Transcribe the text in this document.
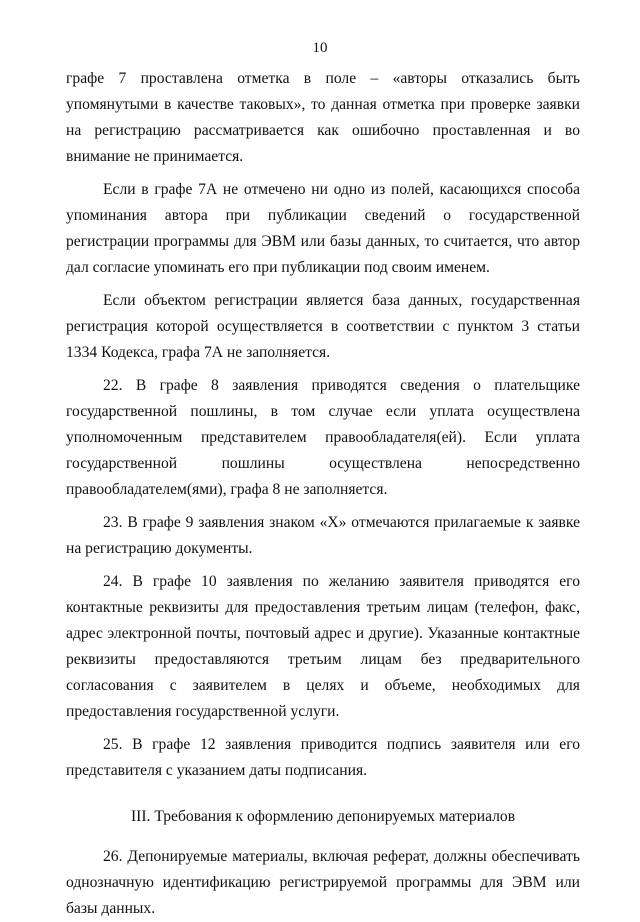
10

графе 7 проставлена отметка в поле – «авторы отказались быть упомянутыми в качестве таковых», то данная отметка при проверке заявки на регистрацию рассматривается как ошибочно проставленная и во внимание не принимается.

Если в графе 7А не отмечено ни одно из полей, касающихся способа упоминания автора при публикации сведений о государственной регистрации программы для ЭВМ или базы данных, то считается, что автор дал согласие упоминать его при публикации под своим именем.

Если объектом регистрации является база данных, государственная регистрация которой осуществляется в соответствии с пунктом 3 статьи 1334 Кодекса, графа 7А не заполняется.

22. В графе 8 заявления приводятся сведения о плательщике государственной пошлины, в том случае если уплата осуществлена уполномоченным представителем правообладателя(ей). Если уплата государственной пошлины осуществлена непосредственно правообладателем(ями), графа 8 не заполняется.

23. В графе 9 заявления знаком «Х» отмечаются прилагаемые к заявке на регистрацию документы.

24. В графе 10 заявления по желанию заявителя приводятся его контактные реквизиты для предоставления третьим лицам (телефон, факс, адрес электронной почты, почтовый адрес и другие). Указанные контактные реквизиты предоставляются третьим лицам без предварительного согласования с заявителем в целях и объеме, необходимых для предоставления государственной услуги.

25. В графе 12 заявления приводится подпись заявителя или его представителя с указанием даты подписания.

III. Требования к оформлению депонируемых материалов

26. Депонируемые материалы, включая реферат, должны обеспечивать однозначную идентификацию регистрируемой программы для ЭВМ или базы данных.
